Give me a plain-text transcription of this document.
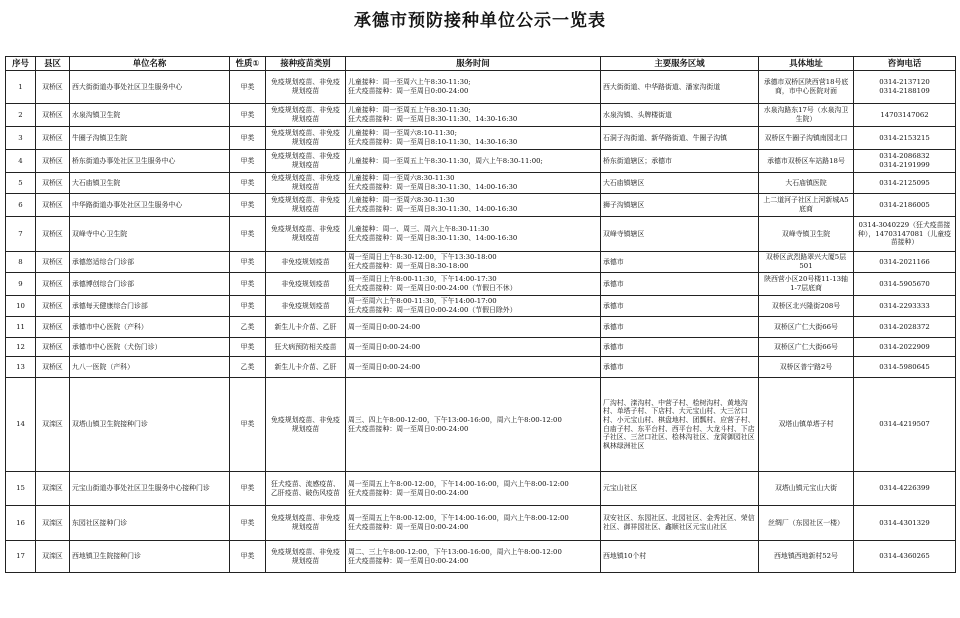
承德市预防接种单位公示一览表
序号	县区	单位名称	性质①	接种疫苗类别	服务时间	主要服务区域	具体地址	咨询电话
1	双桥区	西大街街道办事处社区卫生服务中心	甲类	免疫规划疫苗、非免疫规划疫苗	儿童接种：周一至周六上午8:30-11:30;
狂犬疫苗接种：周一至周日0:00-24:00	西大街街道、中华路街道、潘家沟街道	承德市双桥区陕西营18号底商，市中心医院对面	0314-2137120
0314-2188109
2	双桥区	水泉沟镇卫生院	甲类	免疫规划疫苗、非免疫规划疫苗	儿童接种：周一至周五上午8:30-11:30;
狂犬疫苗接种：周一至周日8:30-11:30、14:30-16:30	水泉沟镇、头牌楼街道	水泉沟路东17号（水泉沟卫生院）	14703147062
3	双桥区	牛圈子沟镇卫生院	甲类	免疫规划疫苗、非免疫规划疫苗	儿童接种：周一至周六8:10-11:30;
狂犬疫苗接种：周一至周日8:10-11:30、14:30-16:30	石洞子沟街道、新华路街道、牛圈子沟镇	双桥区牛圈子沟镇南园北口	0314-2153215
4	双桥区	桥东街道办事处社区卫生服务中心	甲类	免疫规划疫苗、非免疫规划疫苗	儿童接种：周一至周五上午8:30-11:30，周六上午8:30-11:00;	桥东街道辖区；承德市	承德市双桥区车站路18号	0314-2086832
0314-2191999
5	双桥区	大石庙镇卫生院	甲类	免疫规划疫苗、非免疫规划疫苗	儿童接种：周一至周六8:30-11:30
狂犬疫苗接种：周一至周日8:30-11:30、14:00-16:30	大石庙镇辖区	大石庙镇医院	0314-2125095
6	双桥区	中华路街道办事处社区卫生服务中心	甲类	免疫规划疫苗、非免疫规划疫苗	儿童接种：周一至周六8:30-11:30
狂犬疫苗接种：周一至周日8:30-11:30、14:00-16:30	狮子沟镇辖区	上二道河子社区上河新城A5底商	0314-2186005
7	双桥区	双峰寺中心卫生院	甲类	免疫规划疫苗、非免疫规划疫苗	儿童接种：周一、周三、周六上午8:30-11:30
狂犬疫苗接种：周一至周日8:30-11:30、14:00-16:30	双峰寺镇辖区	双峰寺镇卫生院	0314-3040229（狂犬疫苗接种），14703147081（儿童疫苗接种）
8	双桥区	承德悠适综合门诊部	甲类	非免疫规划疫苗	周一至周日上午8:30-12:00，下午13:30-18:00
狂犬疫苗接种：周一至周日8:30-18:00	承德市	双桥区武烈路翠兴大厦5层501	0314-2021166
9	双桥区	承德博创综合门诊部	甲类	非免疫规划疫苗	周一至周日上午8:00-11:30，下午14:00-17:30
狂犬疫苗接种：周一至周日0:00-24:00（节假日不休）	承德市	陕西营小区20号楼11-13轴1-7层底商	0314-5905670
10	双桥区	承德每天健康综合门诊部	甲类	非免疫规划疫苗	周一至周六上午8:00-11:30，下午14:00-17:00
狂犬疫苗接种：周一至周日0:00-24:00（节假日除外）	承德市	双桥区北兴隆街208号	0314-2293333
11	双桥区	承德市中心医院（产科）	乙类	新生儿卡介苗、乙肝	周一至周日0:00-24:00	承德市	双桥区广仁大街66号	0314-2028372
12	双桥区	承德市中心医院（犬伤门诊）	甲类	狂犬病预防相关疫苗	周一至周日0:00-24:00	承德市	双桥区广仁大街66号	0314-2022909
13	双桥区	九八一医院（产科）	乙类	新生儿卡介苗、乙肝	周一至周日0:00-24:00	承德市	双桥区普宁路2号	0314-5980645
14	双滦区	双塔山镇卫生院接种门诊	甲类	免疫规划疫苗、非免疫规划疫苗	周三、四上午8:00-12:00，下午13:00-16:00，周六上午8:00-12:00
狂犬疫苗接种：周一至周日0:00-24:00	厂沟村、滦沟村、中营子村、桧树沟村、黄地沟村、单塔子村、下店村、大元宝山村、大三岔口村、小元宝山村、棋盘地村、团瓢村、应营子村、白庙子村、东平台村、西平台村、大龙斗村、下店子社区、三岔口社区、桧林沟社区、龙窝御园社区 枫林绿洲社区	双塔山镇单塔子村	0314-4219507
15	双滦区	元宝山街道办事处社区卫生服务中心接种门诊	甲类	狂犬疫苗、流感疫苗、乙肝疫苗、破伤风疫苗	周一至周五上午8:00-12:00，下午14:00-16:00，周六上午8:00-12:00
狂犬疫苗接种：周一至周日0:00-24:00	元宝山社区	双塔山镇元宝山大街	0314-4226399
16	双滦区	东园社区接种门诊	甲类	免疫规划疫苗、非免疫规划疫苗	周一至周五上午8:00-12:00，下午14:00-16:00，周六上午8:00-12:00
狂犬疫苗接种：周一至周日0:00-24:00	双安社区、东园社区、北园社区、金秀社区、荣信社区、御祥园社区、鑫顺社区元宝山社区	丝绸厂（东园社区一楼）	0314-4301329
17	双滦区	西地镇卫生院接种门诊	甲类	免疫规划疫苗、非免疫规划疫苗	周二、三上午8:00-12:00，下午13:00-16:00，周六上午8:00-12:00
狂犬疫苗接种：周一至周日0:00-24:00	西地镇10个村	西地镇西地新村52号	0314-4360265
